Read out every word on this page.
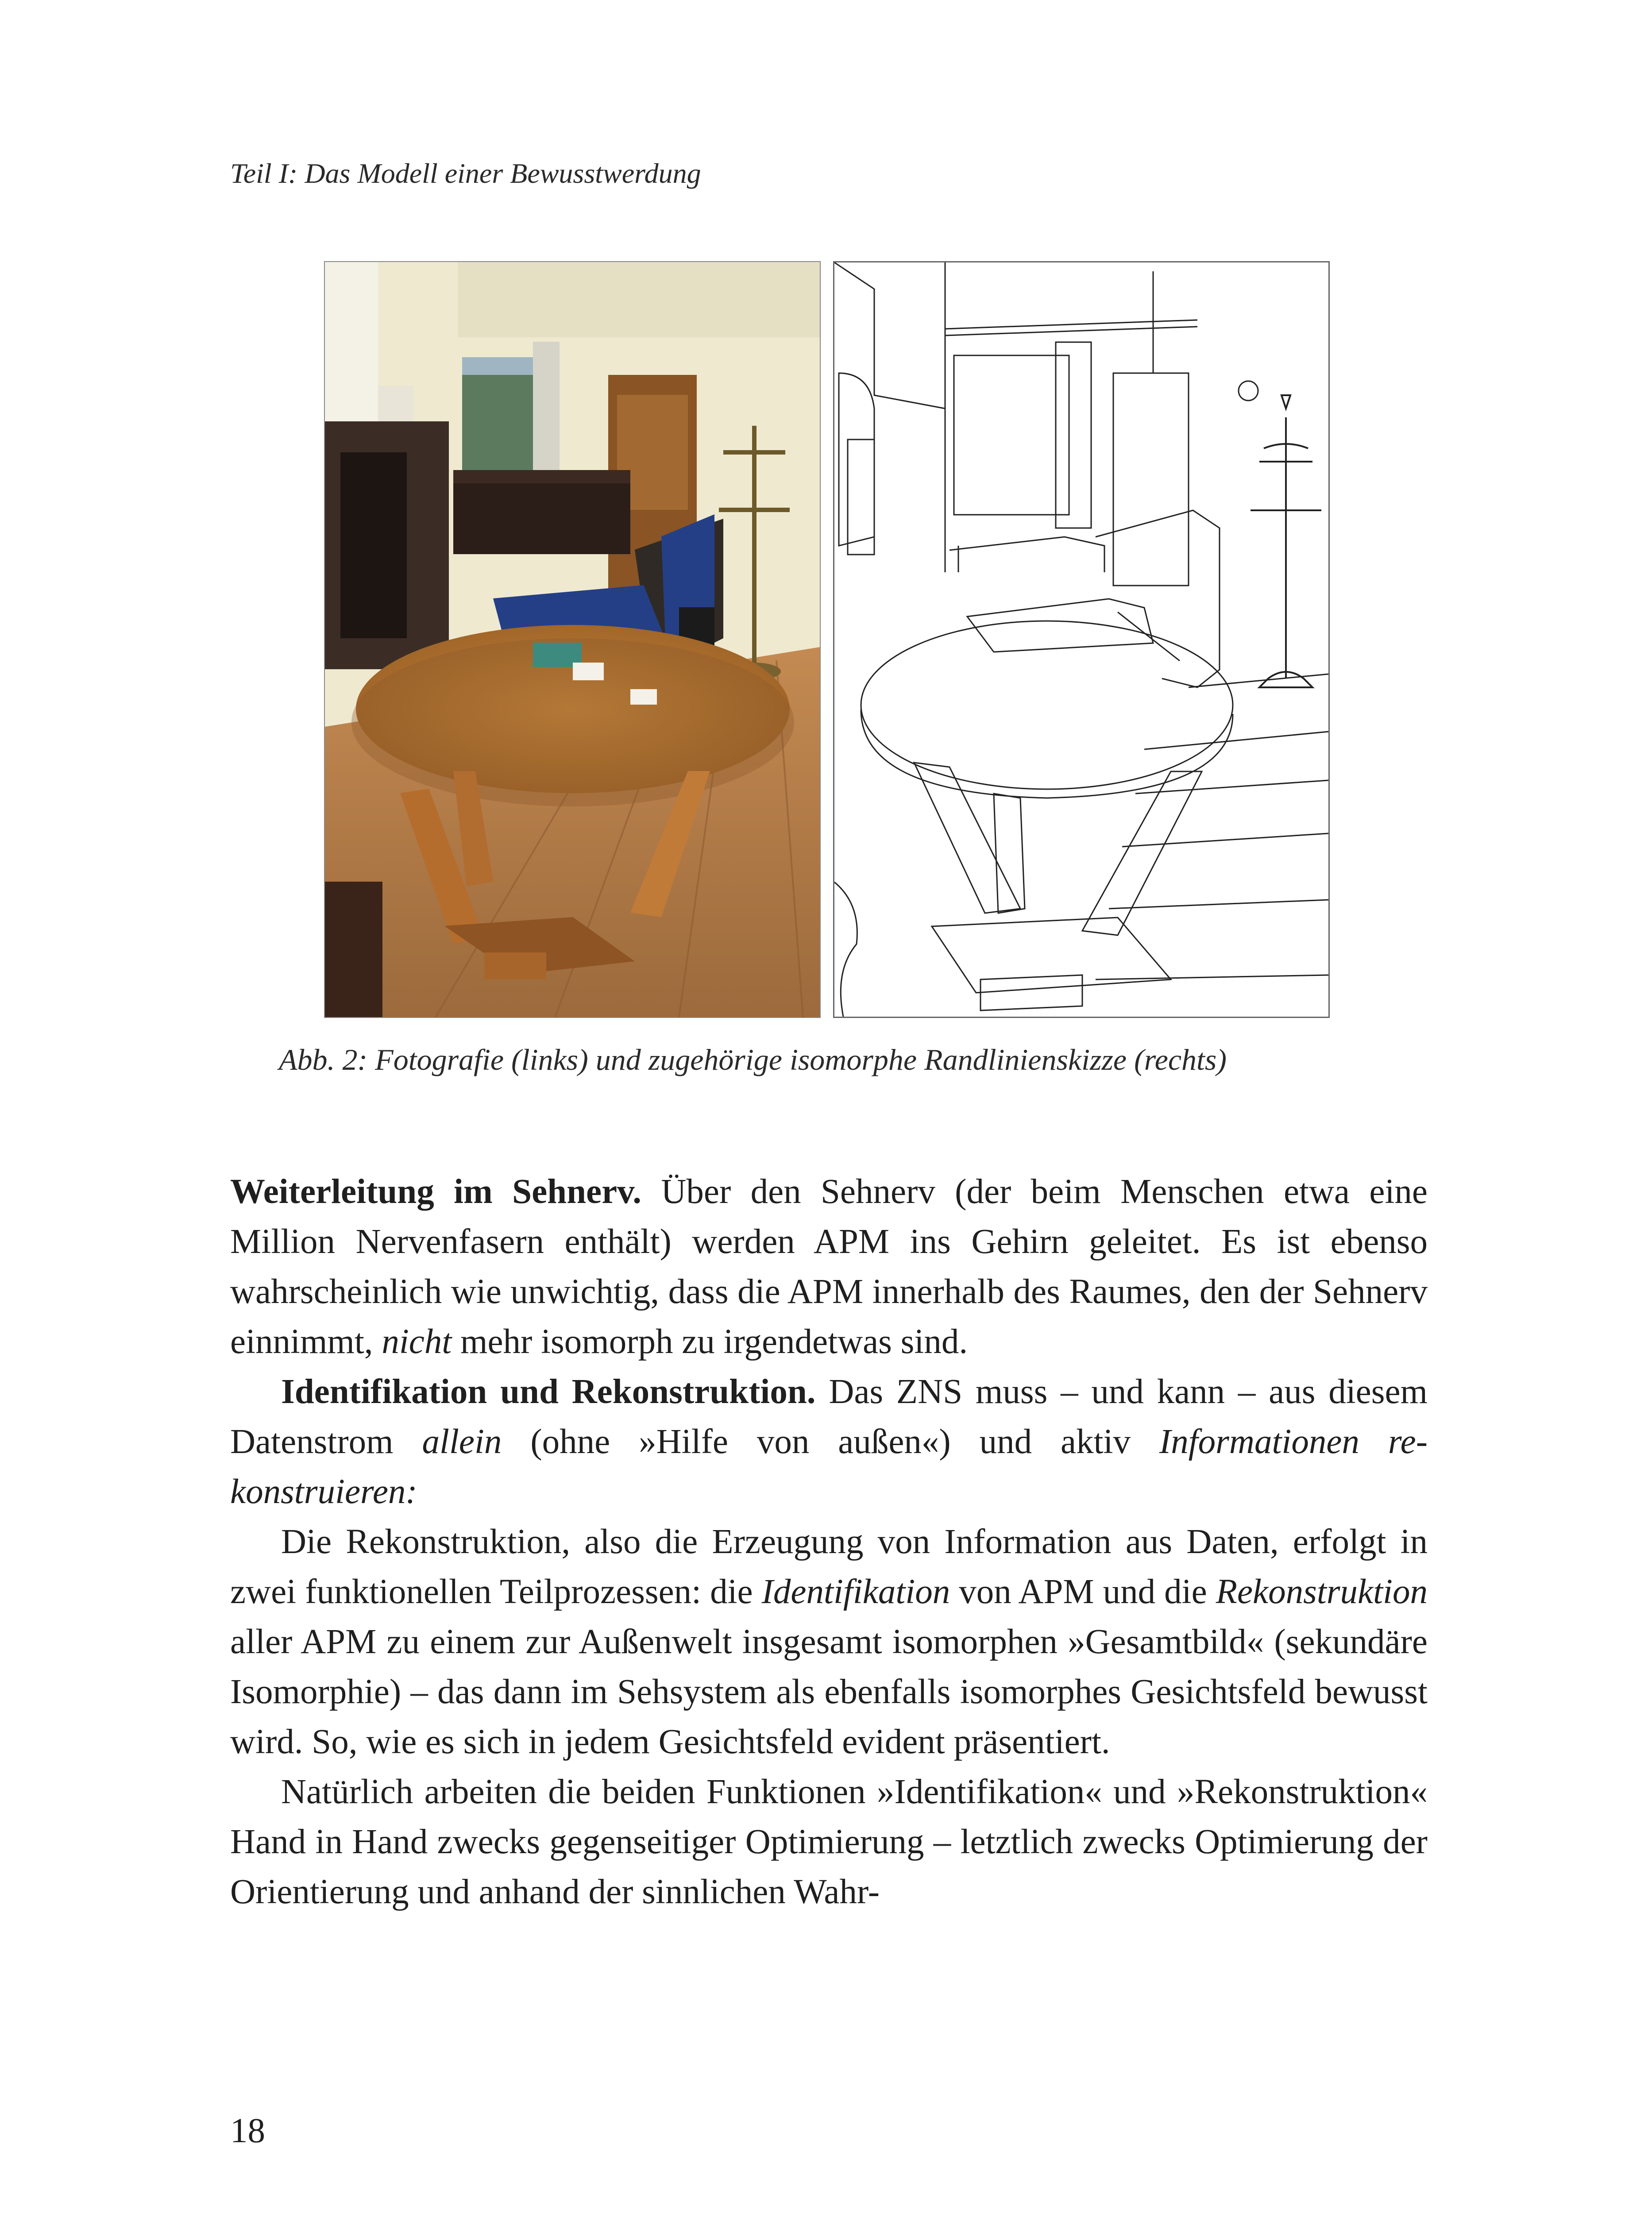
Teil I: Das Modell einer Bewusstwerdung
Abb. 2: Fotografie (links) und zugehörige isomorphe Randlinienskizze (rechts)

Weiterleitung im Sehnerv. Über den Sehnerv (der beim Menschen etwa eine Million Nervenfasern enthält) werden APM ins Gehirn geleitet. Es ist ebenso wahrscheinlich wie unwichtig, dass die APM innerhalb des Raumes, den der Sehnerv einnimmt, nicht mehr isomorph zu irgendetwas sind.

Identifikation und Rekonstruktion. Das ZNS muss – und kann – aus diesem Datenstrom allein (ohne »Hilfe von außen«) und aktiv Informationen re-konstruieren:

Die Rekonstruktion, also die Erzeugung von Information aus Daten, erfolgt in zwei funktionellen Teilprozessen: die Identifikation von APM und die Rekonstruktion aller APM zu einem zur Außenwelt insgesamt isomorphen »Gesamtbild« (sekundäre Isomorphie) – das dann im Sehsystem als ebenfalls isomorphes Gesichtsfeld bewusst wird. So, wie es sich in jedem Gesichtsfeld evident präsentiert.

Natürlich arbeiten die beiden Funktionen »Identifikation« und »Rekonstruktion« Hand in Hand zwecks gegenseitiger Optimierung – letztlich zwecks Optimierung der Orientierung und anhand der sinnlichen Wahr-

18
